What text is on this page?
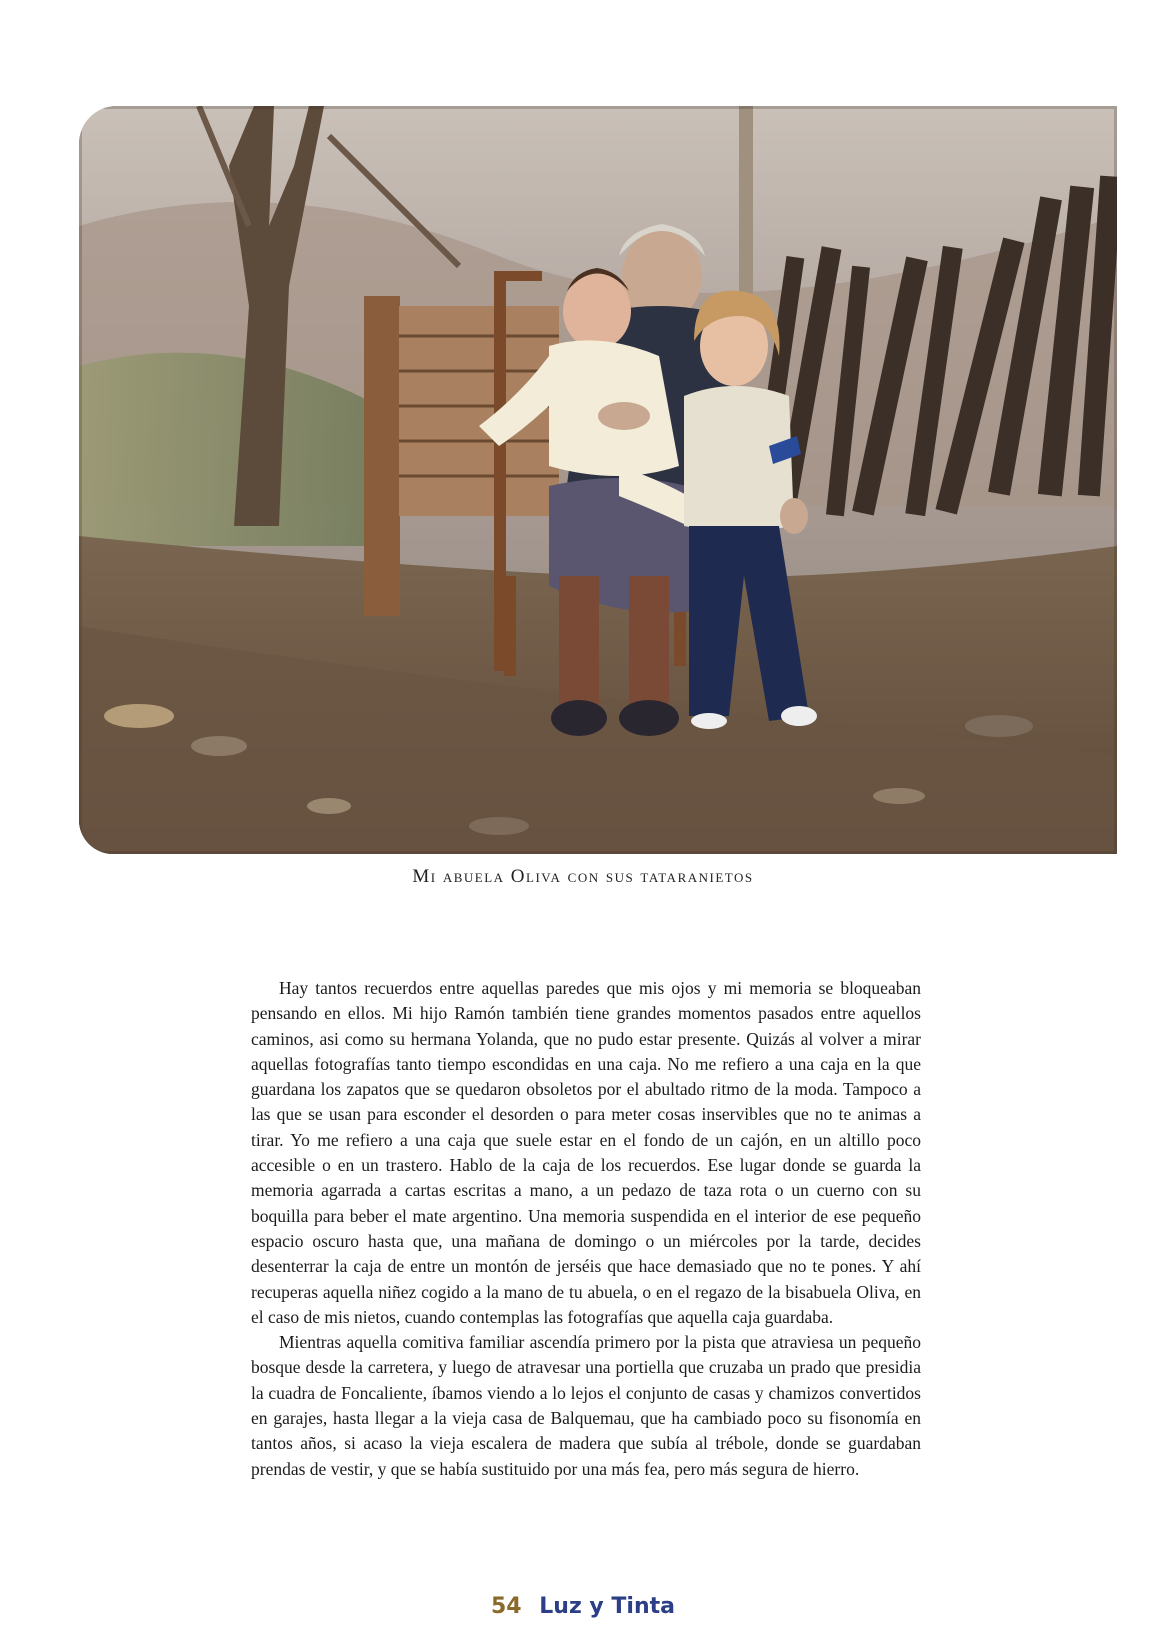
Mi abuela Oliva con sus tataranietos

Hay tantos recuerdos entre aquellas paredes que mis ojos y mi memoria se bloqueaban pensando en ellos. Mi hijo Ramón también tiene grandes momentos pasados entre aquellos caminos, asi como su hermana Yolanda, que no pudo estar presente. Quizás al volver a mirar aquellas fotografías tanto tiempo escondidas en una caja. No me refiero a una caja en la que guardana los zapatos que se quedaron obsoletos por el abultado ritmo de la moda. Tampoco a las que se usan para esconder el desorden o para meter cosas inservibles que no te animas a tirar. Yo me refiero a una caja que suele estar en el fondo de un cajón, en un altillo poco accesible o en un trastero. Hablo de la caja de los recuerdos. Ese lugar donde se guarda la memoria agarrada a cartas escritas a mano, a un pedazo de taza rota o un cuerno con su boquilla para beber el mate argentino. Una memoria suspendida en el interior de ese pequeño espacio oscuro hasta que, una mañana de domingo o un miércoles por la tarde, decides desenterrar la caja de entre un montón de jerséis que hace demasiado que no te pones. Y ahí recuperas aquella niñez cogido a la mano de tu abuela, o en el regazo de la bisabuela Oliva, en el caso de mis nietos, cuando contemplas las fotografías que aquella caja guardaba.

Mientras aquella comitiva familiar ascendía primero por la pista que atraviesa un pequeño bosque desde la carretera, y luego de atravesar una portiella que cruzaba un prado que presidia la cuadra de Foncaliente, íbamos viendo a lo lejos el conjunto de casas y chamizos convertidos en garajes, hasta llegar a la vieja casa de Balquemau, que ha cambiado poco su fisonomía en tantos años, si acaso la vieja escalera de madera que subía al trébole, donde se guardaban prendas de vestir, y que se había sustituido por una más fea, pero más segura de hierro.

54 Luz y Tinta
